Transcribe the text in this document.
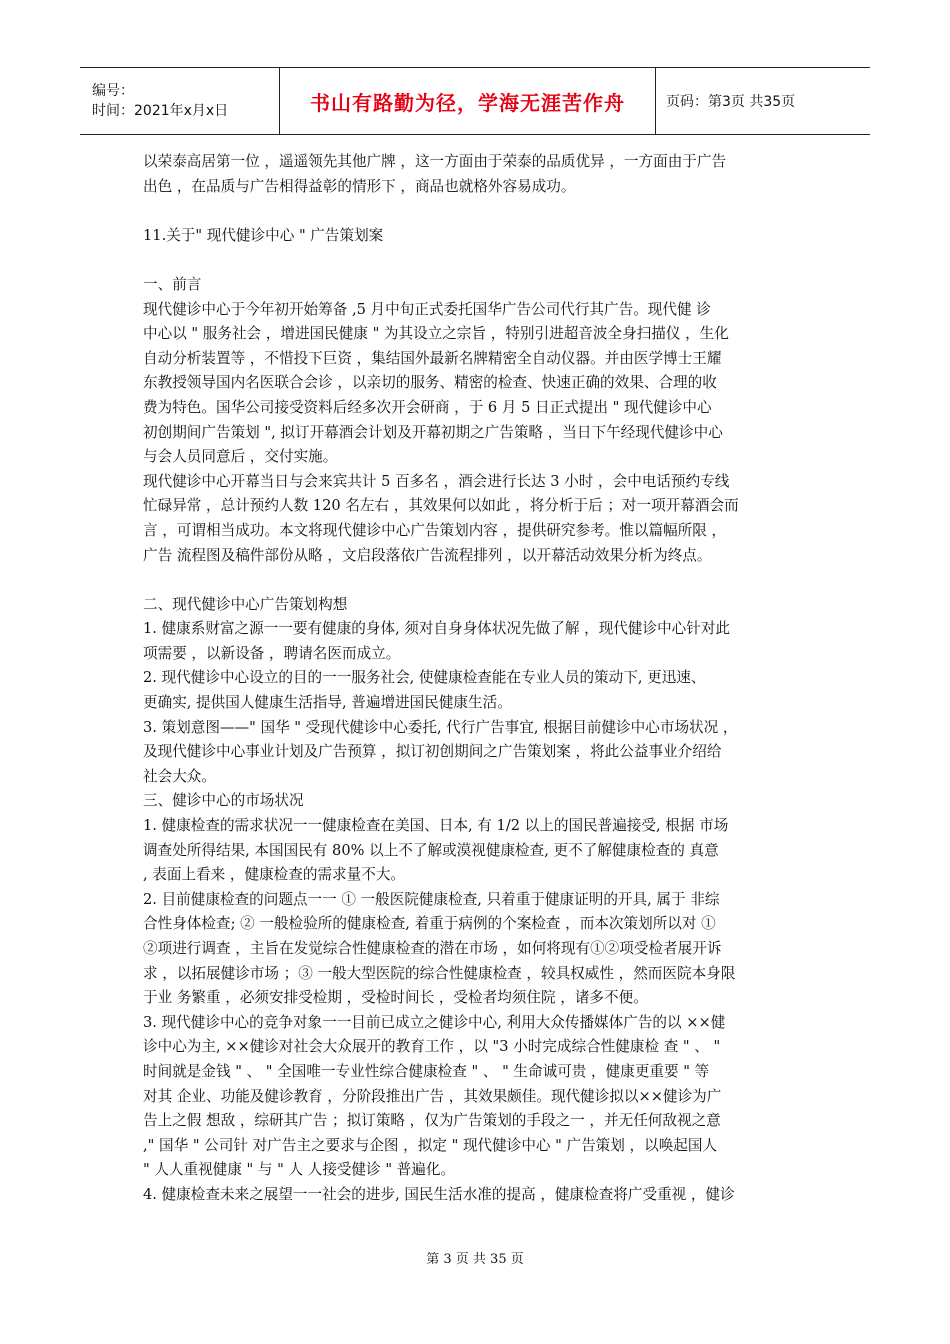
编号：
时间：2021年x月x日	书山有路勤为径，学海无涯苦作舟	页码：第3页 共35页

以荣泰高居第一位 ，遥遥领先其他广牌 ，这一方面由于荣泰的品质优异 ，一方面由于广告

出色 ，在品质与广告相得益彰的情形下 ，商品也就格外容易成功。

11.关于" 现代健诊中心 " 广告策划案

一、前言

现代健诊中心于今年初开始筹备 ,5 月中旬正式委托国华广告公司代行其广告。现代健 诊

中心以 " 服务社会 ，增进国民健康 " 为其设立之宗旨 ，特别引进超音波全身扫描仪 ，生化

自动分析装置等 ，不惜投下巨资 ，集结国外最新名牌精密全自动仪器。并由医学博士王耀

东教授领导国内名医联合会诊 ，以亲切的服务、精密的检查、快速正确的效果、合理的收

费为特色。国华公司接受资料后经多次开会研商 ，于 6 月 5 日正式提出 " 现代健诊中心

初创期间广告策划 ", 拟订开幕酒会计划及开幕初期之广告策略 ，当日下午经现代健诊中心

与会人员同意后 ，交付实施。

现代健诊中心开幕当日与会来宾共计 5 百多名 ，酒会进行长达 3 小时 ，会中电话预约专线

忙碌异常 ，总计预约人数 120 名左右 ，其效果何以如此 ，将分析于后 ；对一项开幕酒会而

言 ，可谓相当成功。本文将现代健诊中心广告策划内容 ，提供研究参考。惟以篇幅所限 ，

广告 流程图及稿件部份从略 ，文启段落依广告流程排列 ，以开幕活动效果分析为终点。

二、现代健诊中心广告策划构想

1. 健康系财富之源一一要有健康的身体, 须对自身身体状况先做了解 ，现代健诊中心针对此

项需要 ，以新设备 ，聘请名医而成立。

2. 现代健诊中心设立的目的一一服务社会, 使健康检查能在专业人员的策动下, 更迅速、

更确实, 提供国人健康生活指导, 普遍增进国民健康生活。

3. 策划意图——" 国华 " 受现代健诊中心委托, 代行广告事宜, 根据目前健诊中心市场状况 ，

及现代健诊中心事业计划及广告预算 ，拟订初创期间之广告策划案 ，将此公益事业介绍给

社会大众。

三、健诊中心的市场状况

1. 健康检查的需求状况一一健康检查在美国、日本, 有 1/2 以上的国民普遍接受, 根据 市场

调查处所得结果, 本国国民有 80% 以上不了解或漠视健康检查, 更不了解健康检查的 真意

, 表面上看来 ，健康检查的需求量不大。

2. 目前健康检查的问题点一一 ① 一般医院健康检查, 只着重于健康证明的开具, 属于 非综

合性身体检查; ② 一般检验所的健康检查, 着重于病例的个案检查 ，而本次策划所以对 ①

②项进行调查 ，主旨在发觉综合性健康检查的潜在市场 ，如何将现有①②项受检者展开诉

求 ，以拓展健诊市场 ；③ 一般大型医院的综合性健康检查 ，较具权威性 ，然而医院本身限

于业 务繁重 ，必须安排受检期 ，受检时间长 ，受检者均须住院 ，诸多不便。

3. 现代健诊中心的竞争对象一一目前已成立之健诊中心, 利用大众传播媒体广告的以 ××健

诊中心为主, ××健诊对社会大众展开的教育工作 ，以 "3 小时完成综合性健康检 查 " 、 "

时间就是金钱 " 、 " 全国唯一专业性综合健康检查 " 、 " 生命诚可贵 ，健康更重要 " 等

对其 企业、功能及健诊教育 ，分阶段推出广告 ，其效果颇佳。现代健诊拟以××健诊为广

告上之假 想敌 ，综研其广告 ；拟订策略 ，仅为广告策划的手段之一 ，并无任何敌视之意

," 国华 " 公司针 对广告主之要求与企图 ，拟定 " 现代健诊中心 " 广告策划 ，以唤起国人

" 人人重视健康 " 与 " 人 人接受健诊 " 普遍化。

4. 健康检查未来之展望一一社会的进步, 国民生活水准的提高 ，健康检查将广受重视 ，健诊

第 3 页 共 35 页
